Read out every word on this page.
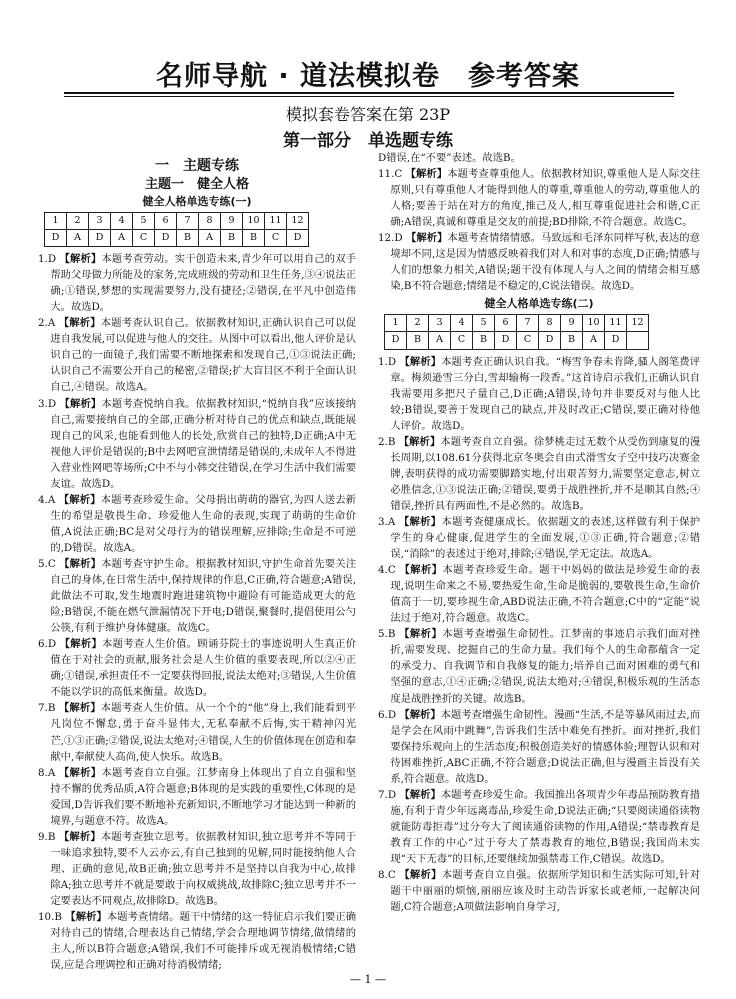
名师导航 · 道法模拟卷　参考答案
模拟套卷答案在第 23P
第一部分　单选题专练
一　主题专练
主题一　健全人格
健全人格单选专练(一)
1	2	3	4	5	6	7	8	9	10	11	12
D	A	D	A	C	D	B	A	B	B	C	D

1.D 【解析】本题考查劳动。实干创造未来,青少年可以用自己的双手帮助父母做力所能及的家务,完成班级的劳动和卫生任务,③④说法正确;①错误,梦想的实现需要努力,没有捷径;②错误,在平凡中创造伟大。故选D。

2.A 【解析】本题考查认识自己。依据教材知识,正确认识自己可以促进自我发展,可以促进与他人的交往。从图中可以看出,他人评价是认识自己的一面镜子,我们需要不断地探索和发现自己,①③说法正确;认识自己不需要公开自己的秘密,②错误;扩大盲目区不利于全面认识自己,④错误。故选A。

3.D 【解析】本题考查悦纳自我。依据教材知识,“悦纳自我”应该接纳自己,需要接纳自己的全部,正确分析对待自己的优点和缺点,既能展现自己的风采,也能看到他人的长处,欣赏自己的独特,D正确;A中无视他人评价是错误的;B中去网吧宣泄情绪是错误的,未成年人不得进入营业性网吧等场所;C中不与小韩交往错误,在学习生活中我们需要友谊。故选D。

4.A 【解析】本题考查珍爱生命。父母捐出萌萌的器官,为四人送去新生的希望是敬畏生命、珍爱他人生命的表现,实现了萌萌的生命价值,A说法正确;BC是对父母行为的错误理解,应排除;生命是不可逆的,D错误。故选A。

5.C 【解析】本题考查守护生命。根据教材知识,守护生命首先要关注自己的身体,在日常生活中,保持规律的作息,C正确,符合题意;A错误,此做法不可取,发生地震时跑进建筑物中避险有可能造成更大的危险;B错误,不能在燃气泄漏情况下开电;D错误,聚餐时,提倡使用公勺公筷,有利于维护身体健康。故选C。

6.D 【解析】本题考查人生价值。顾诵芬院士的事迹说明人生真正价值在于对社会的贡献,服务社会是人生价值的重要表现,所以②④正确;①错误,承担责任不一定要获得回报,说法太绝对;③错误,人生价值不能以学识的高低来衡量。故选D。

7.B 【解析】本题考查人生价值。从一个个的“他”身上,我们能看到平凡岗位不懈怠,勇于奋斗显伟大,无私奉献不后悔,实干精神闪光芒,①③正确;②错误,说法太绝对;④错误,人生的价值体现在创造和奉献中,奉献使人高尚,使人快乐。故选B。

8.A 【解析】本题考查自立自强。江梦南身上体现出了自立自强和坚持不懈的优秀品质,A符合题意;B体现的是实践的重要性,C体现的是爱国,D告诉我们要不断地补充新知识,不断地学习才能达到一种新的境界,与题意不符。故选A。

9.B 【解析】本题考查独立思考。依据教材知识,独立思考并不等同于一味追求独特,要不人云亦云,有自己独到的见解,同时能接纳他人合理、正确的意见,故B正确;独立思考并不是坚持以自我为中心,故排除A;独立思考并不就是要敢于向权威挑战,故排除C;独立思考并不一定要表达不同观点,故排除D。故选B。

10.B 【解析】本题考查情绪。题干中情绪的这一特征启示我们要正确对待自己的情绪,合理表达自己情绪,学会合理地调节情绪,做情绪的主人,所以B符合题意;A错误,我们不可能排斥或无视消极情绪;C错误,应是合理调控和正确对待消极情绪;

D错误,在“不要”表述。故选B。

11.C 【解析】本题考查尊重他人。依据教材知识,尊重他人是人际交往原则,只有尊重他人才能得到他人的尊重,尊重他人的劳动,尊重他人的人格;要善于站在对方的角度,推己及人,相互尊重促进社会和谐,C正确;A错误,真诚和尊重是交友的前提;BD排除,不符合题意。故选C。

12.D 【解析】本题考查情绪情感。马致远和毛泽东同样写秋,表达的意境却不同,这是因为情感反映着我们对人和对事的态度,D正确;情感与人们的想象力相关,A错误;题干没有体现人与人之间的情绪会相互感染,B不符合题意;情绪是不稳定的,C说法错误。故选D。

健全人格单选专练(二)
1	2	3	4	5	6	7	8	9	10	11	12
D	B	A	C	B	D	C	D	B	A	D	

1.D 【解析】本题考查正确认识自我。“梅雪争春未肯降,骚人阁笔费评章。梅须逊雪三分白,雪却输梅一段香。”这首诗启示我们,正确认识自我需要用多把尺子量自己,D正确;A错误,诗句并非要反对与他人比较;B错误,要善于发现自己的缺点,并及时改正;C错误,要正确对待他人评价。故选D。

2.B 【解析】本题考查自立自强。徐梦桃走过无数个从受伤到康复的漫长周期,以108.61分获得北京冬奥会自由式滑雪女子空中技巧决赛金牌,表明获得的成功需要脚踏实地,付出艰苦努力,需要坚定意志,树立必胜信念,①③说法正确;②错误,要勇于战胜挫折,并不是顺其自然;④错误,挫折具有两面性,不是必然的。故选B。

3.A 【解析】本题考查健康成长。依据题文的表述,这样做有利于保护学生的身心健康,促进学生的全面发展,①③正确,符合题意;②错误,“消除”的表述过于绝对,排除;④错误,学无定法。故选A。

4.C 【解析】本题考查珍爱生命。题干中妈妈的做法是珍爱生命的表现,说明生命来之不易,要热爱生命,生命是脆弱的,要敬畏生命,生命价值高于一切,要珍视生命,ABD说法正确,不符合题意;C中的“定能”说法过于绝对,符合题意。故选C。

5.B 【解析】本题考查增强生命韧性。江梦南的事迹启示我们面对挫折,需要发现、挖掘自己的生命力量。我们每个人的生命都蕴含一定的承受力、自我调节和自我修复的能力;培养自己面对困难的勇气和坚强的意志,①④正确;②错误,说法太绝对;④错误,积极乐观的生活态度是战胜挫折的关键。故选B。

6.D 【解析】本题考查增强生命韧性。漫画“生活,不是等暴风雨过去,而是学会在风雨中跳舞”,告诉我们生活中难免有挫折。面对挫折,我们要保持乐观向上的生活态度;积极创造美好的情感体验;理智认识和对待困难挫折,ABC正确,不符合题意;D说法正确,但与漫画主旨没有关系,符合题意。故选D。

7.D 【解析】本题考查珍爱生命。我国推出各项青少年毒品预防教育措施,有利于青少年远离毒品,珍爱生命,D说法正确;“只要阅读通俗读物就能防毒拒毒”过分夸大了阅读通俗读物的作用,A错误;“禁毒教育是教育工作的中心”过于夸大了禁毒教育的地位,B错误;我国尚未实现“天下无毒”的目标,还要继续加强禁毒工作,C错误。故选D。

8.C 【解析】本题考查自立自强。依据所学知识和生活实际可知,针对题干中丽丽的烦恼,丽丽应该及时主动告诉家长或老师,一起解决问题,C符合题意;A项做法影响自身学习,

— 1 —
